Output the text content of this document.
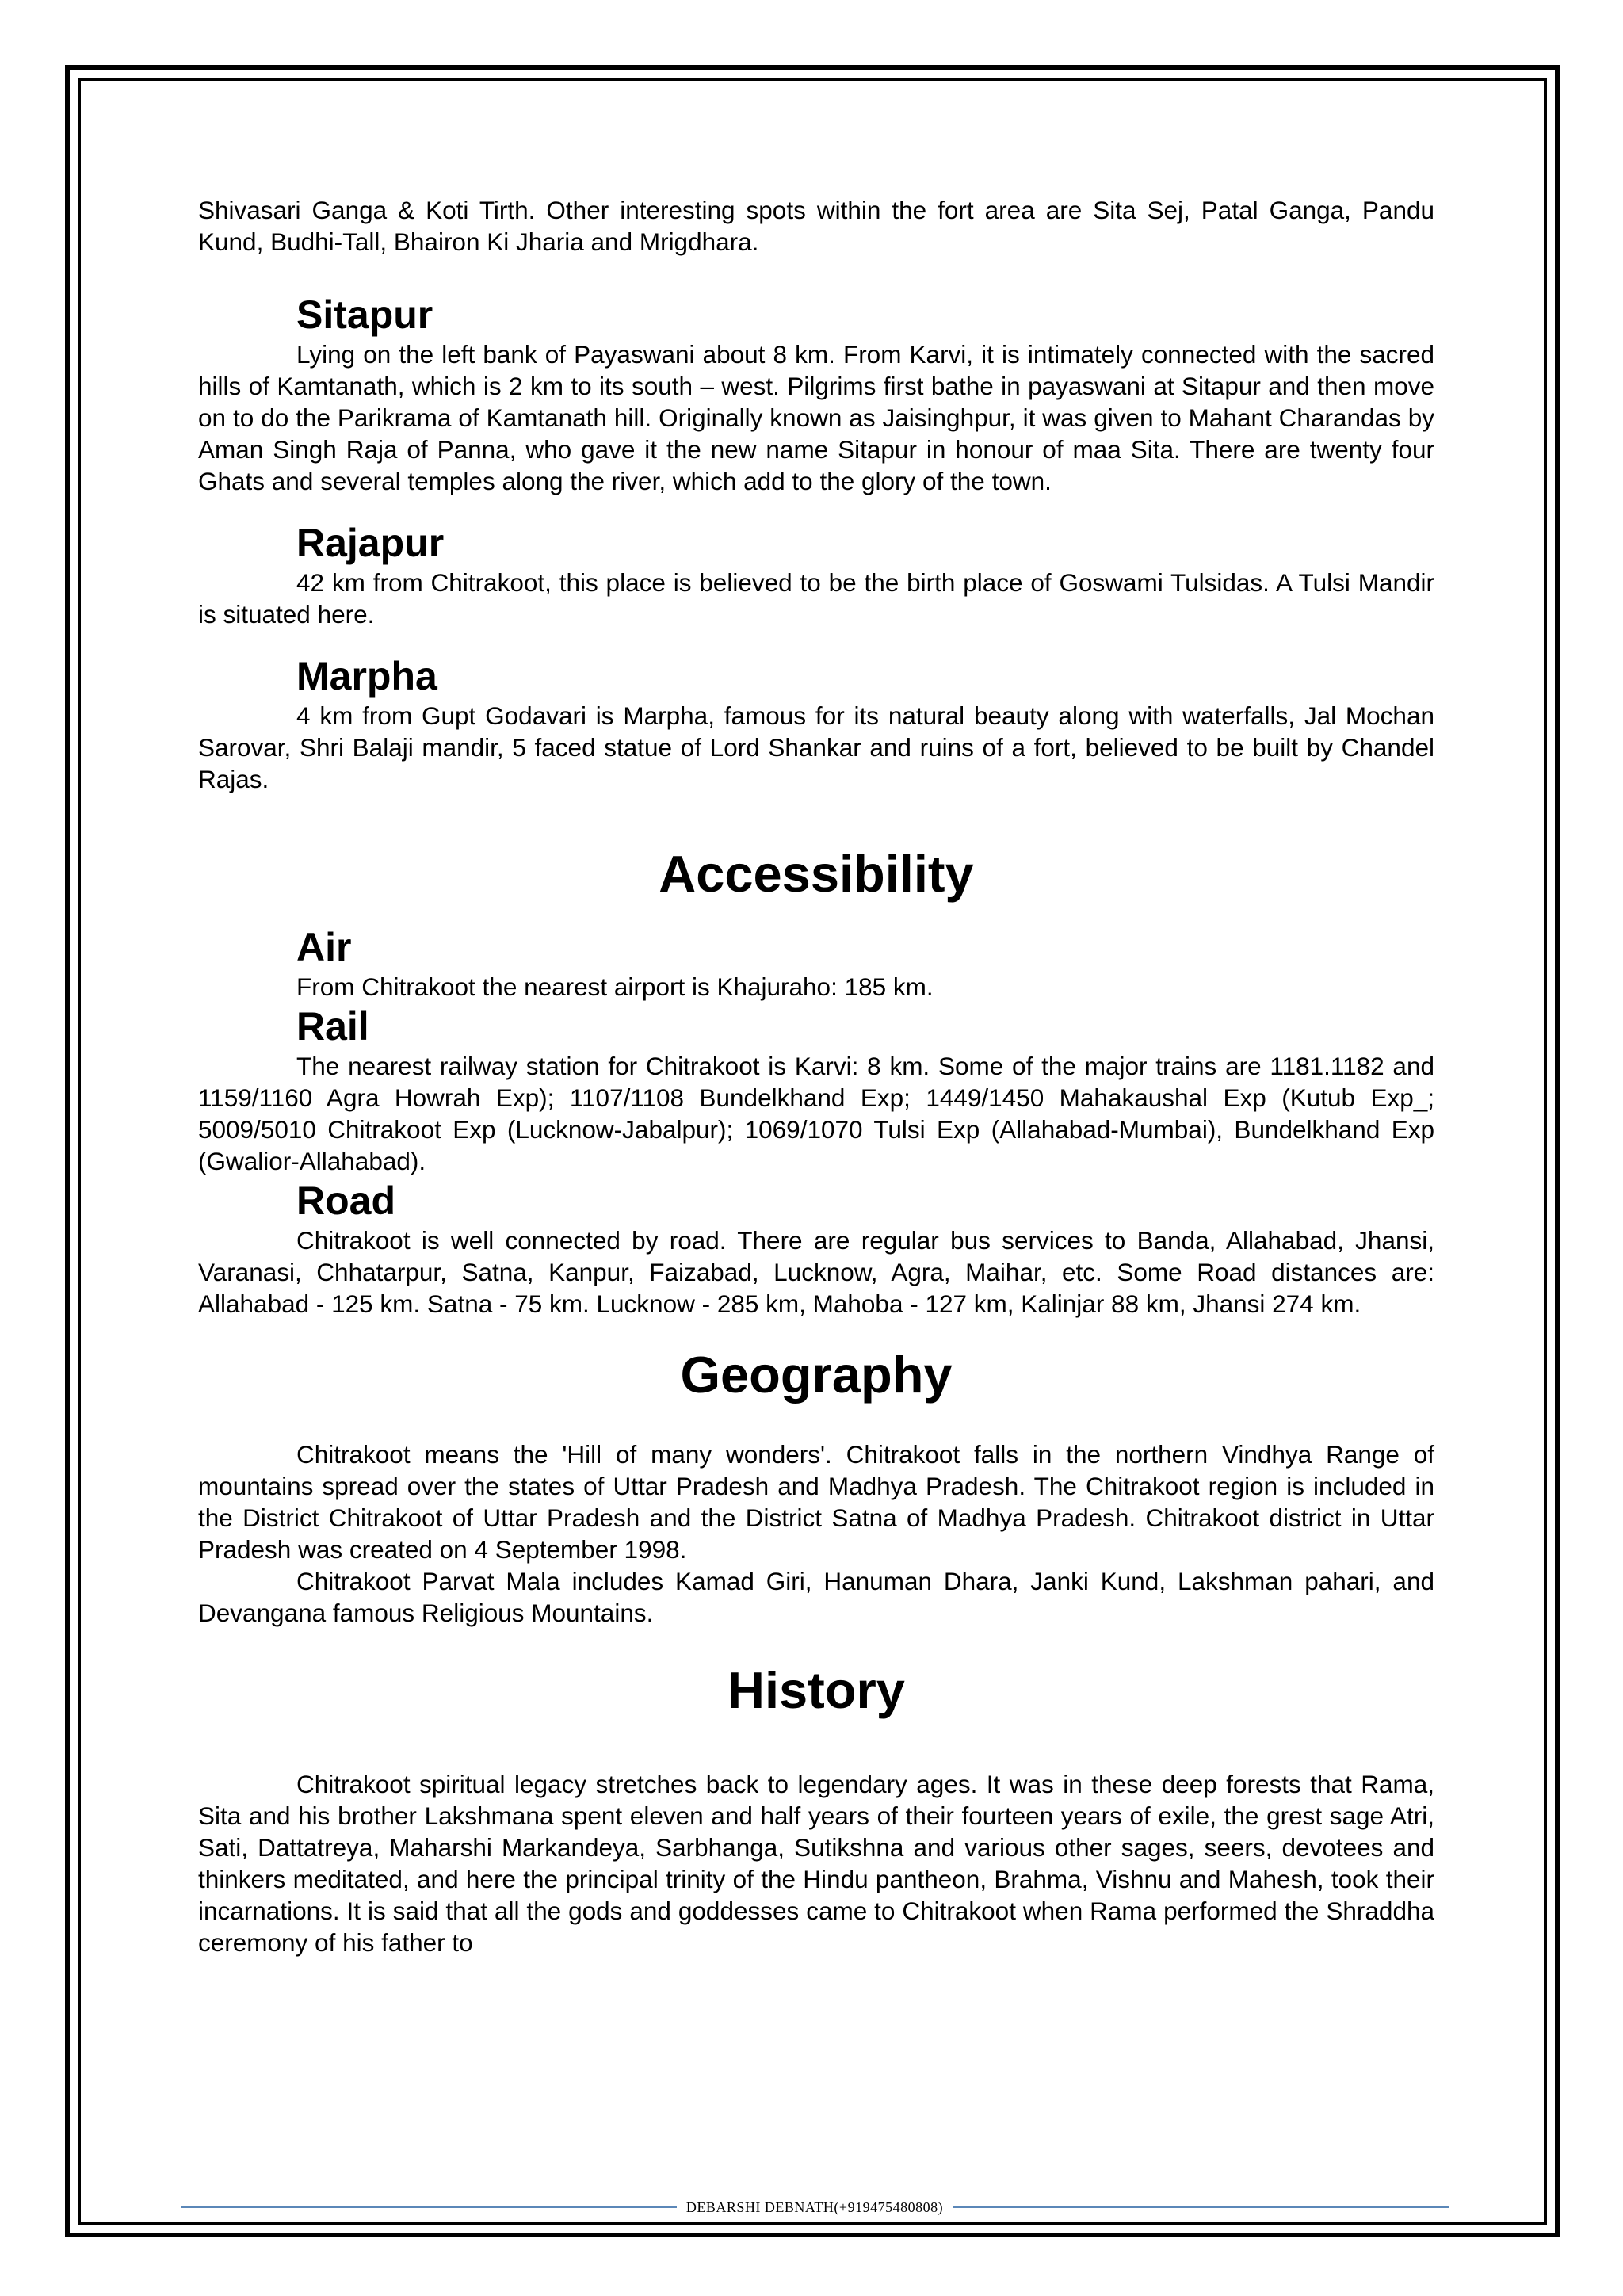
Shivasari Ganga & Koti Tirth. Other interesting spots within the fort area are Sita Sej, Patal Ganga, Pandu Kund, Budhi-Tall, Bhairon Ki Jharia and Mrigdhara.

Sitapur

Lying on the left bank of Payaswani about 8 km. From Karvi, it is intimately connected with the sacred hills of Kamtanath, which is 2 km to its south – west. Pilgrims first bathe in payaswani at Sitapur and then move on to do the Parikrama of Kamtanath hill. Originally known as Jaisinghpur, it was given to Mahant Charandas by Aman Singh Raja of Panna, who gave it the new name Sitapur in honour of maa Sita. There are twenty four Ghats and several temples along the river, which add to the glory of the town.

Rajapur

42 km from Chitrakoot, this place is believed to be the birth place of Goswami Tulsidas. A Tulsi Mandir is situated here.

Marpha

4 km from Gupt Godavari is Marpha, famous for its natural beauty along with waterfalls, Jal Mochan Sarovar, Shri Balaji mandir, 5 faced statue of Lord Shankar and ruins of a fort, believed to be built by Chandel Rajas.

Accessibility
Air

From Chitrakoot the nearest airport is Khajuraho: 185 km.

Rail

The nearest railway station for Chitrakoot is Karvi: 8 km. Some of the major trains are 1181.1182 and 1159/1160 Agra Howrah Exp); 1107/1108 Bundelkhand Exp; 1449/1450 Mahakaushal Exp (Kutub Exp_; 5009/5010 Chitrakoot Exp (Lucknow-Jabalpur); 1069/1070 Tulsi Exp (Allahabad-Mumbai), Bundelkhand Exp (Gwalior-Allahabad).

Road

Chitrakoot is well connected by road. There are regular bus services to Banda, Allahabad, Jhansi, Varanasi, Chhatarpur, Satna, Kanpur, Faizabad, Lucknow, Agra, Maihar, etc. Some Road distances are: Allahabad - 125 km. Satna - 75 km. Lucknow - 285 km, Mahoba - 127 km, Kalinjar 88 km, Jhansi 274 km.

Geography

Chitrakoot means the 'Hill of many wonders'. Chitrakoot falls in the northern Vindhya Range of mountains spread over the states of Uttar Pradesh and Madhya Pradesh. The Chitrakoot region is included in the District Chitrakoot of Uttar Pradesh and the District Satna of Madhya Pradesh. Chitrakoot district in Uttar Pradesh was created on 4 September 1998.

Chitrakoot Parvat Mala includes Kamad Giri, Hanuman Dhara, Janki Kund, Lakshman pahari, and Devangana famous Religious Mountains.

History

Chitrakoot spiritual legacy stretches back to legendary ages. It was in these deep forests that Rama, Sita and his brother Lakshmana spent eleven and half years of their fourteen years of exile, the grest sage Atri, Sati, Dattatreya, Maharshi Markandeya, Sarbhanga, Sutikshna and various other sages, seers, devotees and thinkers meditated, and here the principal trinity of the Hindu pantheon, Brahma, Vishnu and Mahesh, took their incarnations. It is said that all the gods and goddesses came to Chitrakoot when Rama performed the Shraddha ceremony of his father to

DEBARSHI DEBNATH(+919475480808)
